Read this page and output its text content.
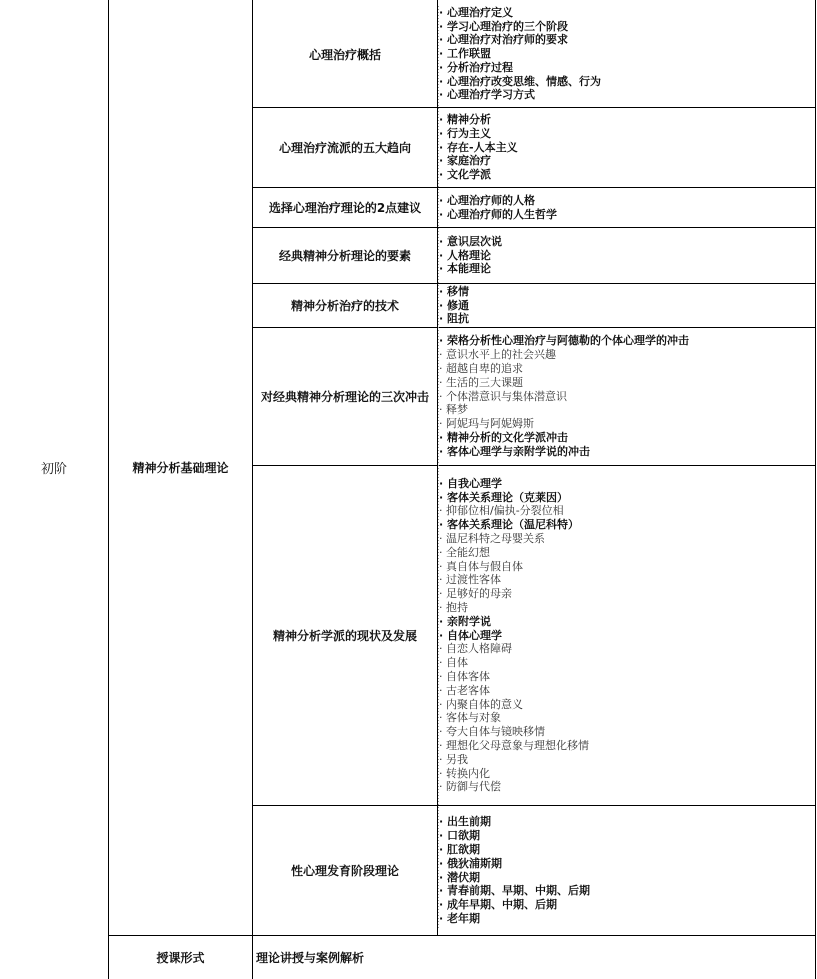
初阶	精神分析基础理论
心理治疗概括
· 心理治疗定义
· 学习心理治疗的三个阶段
· 心理治疗对治疗师的要求
· 工作联盟
· 分析治疗过程
· 心理治疗改变思维、情感、行为
· 心理治疗学习方式
心理治疗流派的五大趋向
· 精神分析
· 行为主义
· 存在-人本主义
· 家庭治疗
· 文化学派
选择心理治疗理论的2点建议
· 心理治疗师的人格
· 心理治疗师的人生哲学
经典精神分析理论的要素
· 意识层次说
· 人格理论
· 本能理论
精神分析治疗的技术
· 移情
· 修通
· 阻抗
对经典精神分析理论的三次冲击
· 荣格分析性心理治疗与阿德勒的个体心理学的冲击
· 意识水平上的社会兴趣
· 超越自卑的追求
· 生活的三大课题
· 个体潜意识与集体潜意识
· 释梦
· 阿妮玛与阿妮姆斯
· 精神分析的文化学派冲击
· 客体心理学与亲附学说的冲击
精神分析学派的现状及发展
· 自我心理学
· 客体关系理论（克莱因）
· 抑郁位相/偏执-分裂位相
· 客体关系理论（温尼科特）
· 温尼科特之母婴关系
· 全能幻想
· 真自体与假自体
· 过渡性客体
· 足够好的母亲
· 抱持
· 亲附学说
· 自体心理学
· 自恋人格障碍
· 自体
· 自体客体
· 古老客体
· 内聚自体的意义
· 客体与对象
· 夸大自体与镜映移情
· 理想化父母意象与理想化移情
· 另我
· 转换内化
· 防御与代偿
性心理发育阶段理论
· 出生前期
· 口欲期
· 肛欲期
· 俄狄浦斯期
· 潜伏期
· 青春前期、早期、中期、后期
· 成年早期、中期、后期
· 老年期
授课形式	理论讲授与案例解析
